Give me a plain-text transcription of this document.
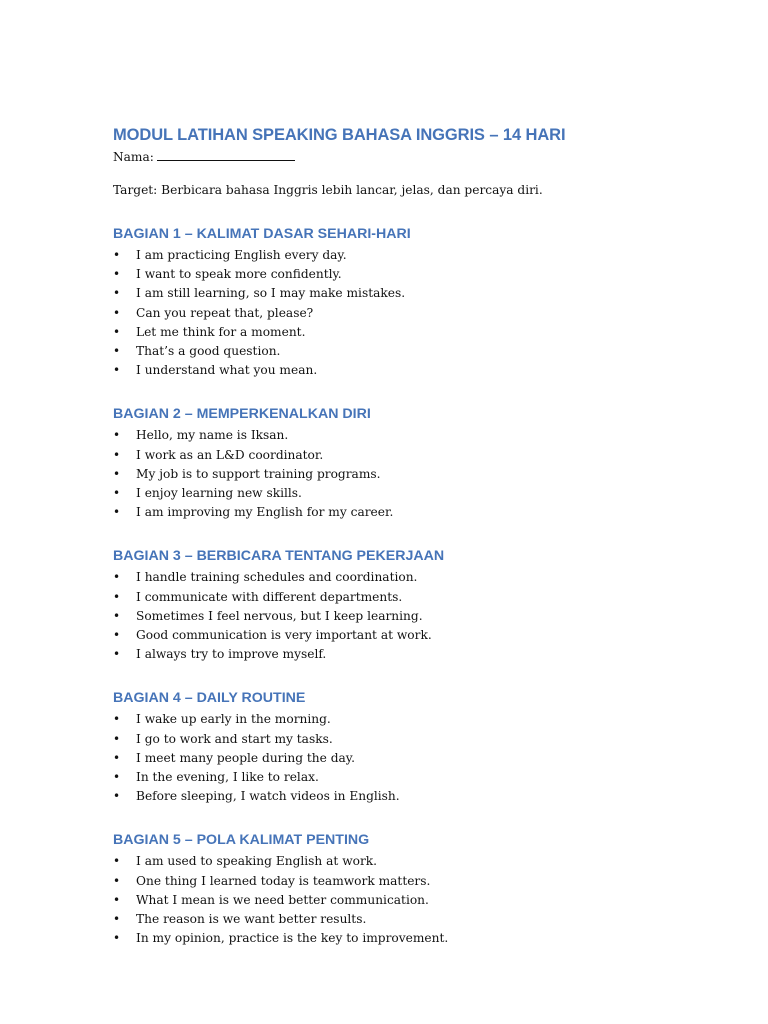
MODUL LATIHAN SPEAKING BAHASA INGGRIS – 14 HARI
Nama:
Target: Berbicara bahasa Inggris lebih lancar, jelas, dan percaya diri.
BAGIAN 1 – KALIMAT DASAR SEHARI-HARI
• I am practicing English every day.
• I want to speak more confidently.
• I am still learning, so I may make mistakes.
• Can you repeat that, please?
• Let me think for a moment.
• That’s a good question.
• I understand what you mean.
BAGIAN 2 – MEMPERKENALKAN DIRI
• Hello, my name is Iksan.
• I work as an L&D coordinator.
• My job is to support training programs.
• I enjoy learning new skills.
• I am improving my English for my career.
BAGIAN 3 – BERBICARA TENTANG PEKERJAAN
• I handle training schedules and coordination.
• I communicate with different departments.
• Sometimes I feel nervous, but I keep learning.
• Good communication is very important at work.
• I always try to improve myself.
BAGIAN 4 – DAILY ROUTINE
• I wake up early in the morning.
• I go to work and start my tasks.
• I meet many people during the day.
• In the evening, I like to relax.
• Before sleeping, I watch videos in English.
BAGIAN 5 – POLA KALIMAT PENTING
• I am used to speaking English at work.
• One thing I learned today is teamwork matters.
• What I mean is we need better communication.
• The reason is we want better results.
• In my opinion, practice is the key to improvement.
